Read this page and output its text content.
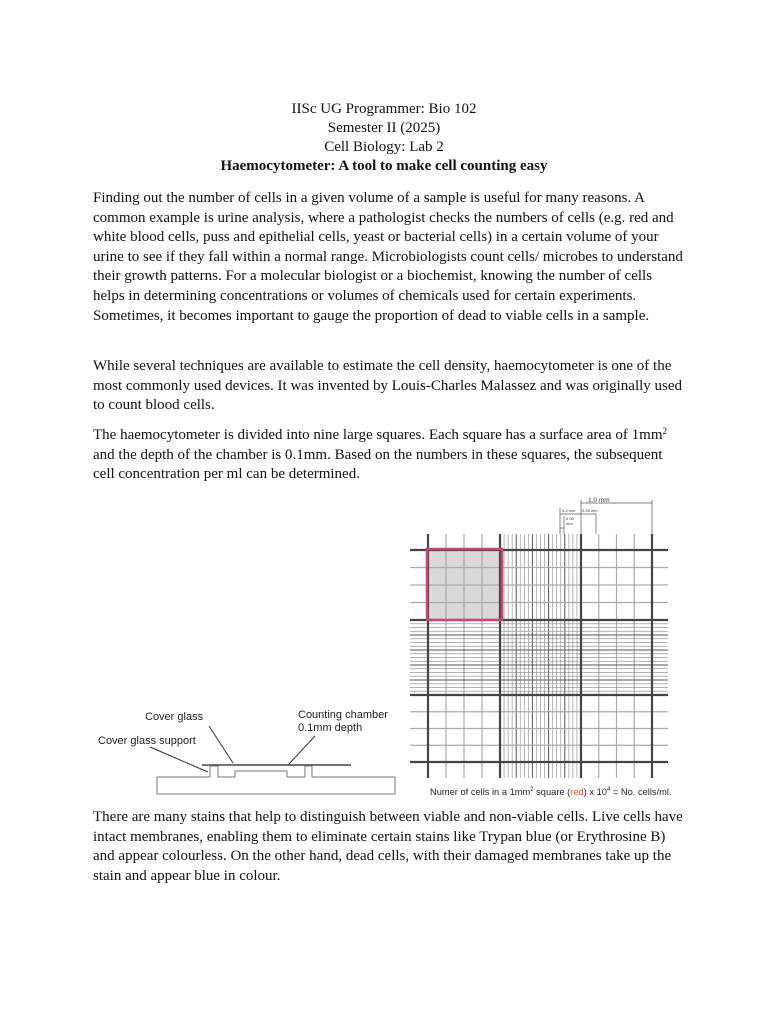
IISc UG Programmer: Bio 102
Semester II (2025)
Cell Biology: Lab 2
Haemocytometer: A tool to make cell counting easy

Finding out the number of cells in a given volume of a sample is useful for many reasons. A common example is urine analysis, where a pathologist checks the numbers of cells (e.g. red and white blood cells, puss and epithelial cells, yeast or bacterial cells) in a certain volume of your urine to see if they fall within a normal range. Microbiologists count cells/ microbes to understand their growth patterns. For a molecular biologist or a biochemist, knowing the number of cells helps in determining concentrations or volumes of chemicals used for certain experiments. Sometimes, it becomes important to gauge the proportion of dead to viable cells in a sample.

While several techniques are available to estimate the cell density, haemocytometer is one of the most commonly used devices. It was invented by Louis-Charles Malassez and was originally used to count blood cells.

The haemocytometer is divided into nine large squares. Each square has a surface area of $1mm^2$ and the depth of the chamber is 0.1mm. Based on the numbers in these squares, the subsequent cell concentration per ml can be determined.

Cover glass
Cover glass support
Counting chamber
0.1mm depth
1.0 mm
0.2 mm 0.25 mm
0.05
mm
Numer of cells in a $1mm^2$ square (red) x $10^4 = No$. cells/ml.

There are many stains that help to distinguish between viable and non-viable cells. Live cells have intact membranes, enabling them to eliminate certain stains like Trypan blue (or Erythrosine B) and appear colourless. On the other hand, dead cells, with their damaged membranes take up the stain and appear blue in colour.
